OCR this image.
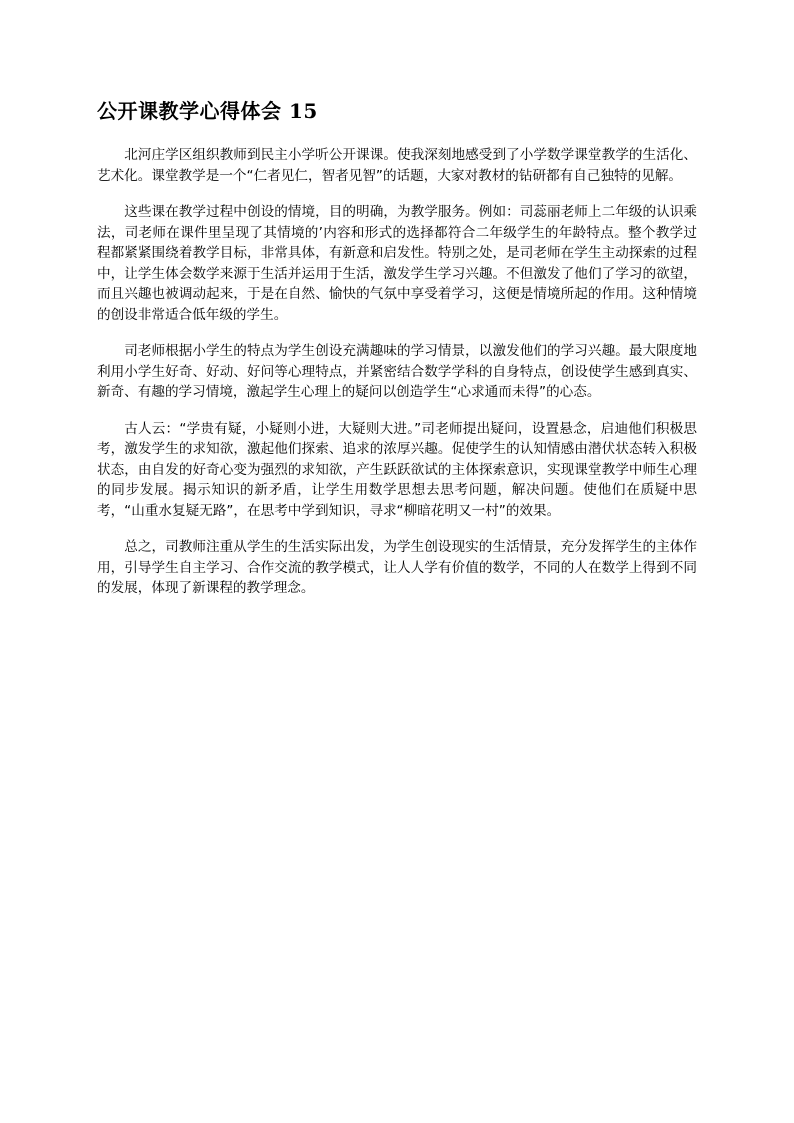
公开课教学心得体会 15

北河庄学区组织教师到民主小学听公开课课。使我深刻地感受到了小学数学课堂教学的生活化、艺术化。课堂教学是一个“仁者见仁，智者见智”的话题，大家对教材的钻研都有自己独特的见解。

这些课在教学过程中创设的情境，目的明确，为教学服务。例如：司蕊丽老师上二年级的认识乘法，司老师在课件里呈现了其情境的’内容和形式的选择都符合二年级学生的年龄特点。整个教学过程都紧紧围绕着教学目标，非常具体，有新意和启发性。特别之处，是司老师在学生主动探索的过程中，让学生体会数学来源于生活并运用于生活，激发学生学习兴趣。不但激发了他们了学习的欲望，而且兴趣也被调动起来，于是在自然、愉快的气氛中享受着学习，这便是情境所起的作用。这种情境的创设非常适合低年级的学生。

司老师根据小学生的特点为学生创设充满趣味的学习情景，以激发他们的学习兴趣。最大限度地利用小学生好奇、好动、好问等心理特点，并紧密结合数学学科的自身特点，创设使学生感到真实、新奇、有趣的学习情境，激起学生心理上的疑问以创造学生“心求通而未得”的心态。

古人云：“学贵有疑，小疑则小进，大疑则大进。”司老师提出疑问，设置悬念，启迪他们积极思考，激发学生的求知欲，激起他们探索、追求的浓厚兴趣。促使学生的认知情感由潜伏状态转入积极状态，由自发的好奇心变为强烈的求知欲，产生跃跃欲试的主体探索意识，实现课堂教学中师生心理的同步发展。揭示知识的新矛盾，让学生用数学思想去思考问题，解决问题。使他们在质疑中思考，“山重水复疑无路”，在思考中学到知识，寻求“柳暗花明又一村”的效果。

总之，司教师注重从学生的生活实际出发，为学生创设现实的生活情景，充分发挥学生的主体作用，引导学生自主学习、合作交流的教学模式，让人人学有价值的数学，不同的人在数学上得到不同的发展，体现了新课程的教学理念。
